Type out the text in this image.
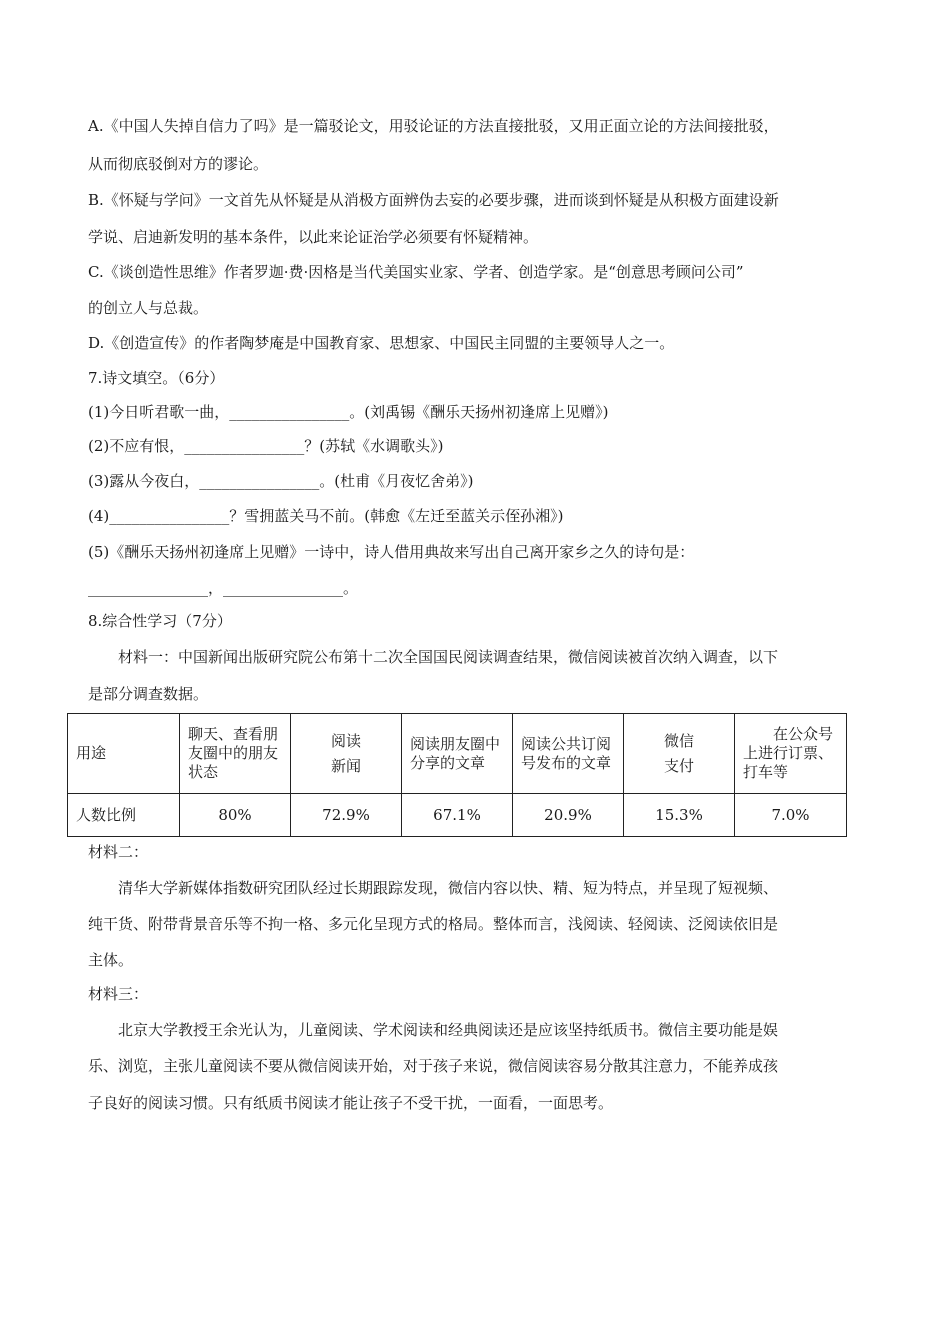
A.《中国人失掉自信力了吗》是一篇驳论文，用驳论证的方法直接批驳，又用正面立论的方法间接批驳，
从而彻底驳倒对方的谬论。
B.《怀疑与学问》一文首先从怀疑是从消极方面辨伪去妄的必要步骤，进而谈到怀疑是从积极方面建设新
学说、启迪新发明的基本条件，以此来论证治学必须要有怀疑精神。
C.《谈创造性思维》作者罗迦·费·因格是当代美国实业家、学者、创造学家。是“创意思考顾问公司”
的创立人与总裁。
D.《创造宣传》的作者陶梦庵是中国教育家、思想家、中国民主同盟的主要领导人之一。
7.诗文填空。（6分）
(1)今日听君歌一曲，________________。(刘禹锡《酬乐天扬州初逢席上见赠》)
(2)不应有恨，________________？(苏轼《水调歌头》)
(3)露从今夜白，________________。(杜甫《月夜忆舍弟》)
(4)________________？雪拥蓝关马不前。(韩愈《左迁至蓝关示侄孙湘》)
(5)《酬乐天扬州初逢席上见赠》一诗中，诗人借用典故来写出自己离开家乡之久的诗句是：
________________，________________。
8.综合性学习（7分）
材料一：中国新闻出版研究院公布第十二次全国国民阅读调查结果，微信阅读被首次纳入调查，以下
是部分调查数据。
用途	聊天、查看朋友圈中的朋友状态	阅读新闻	阅读朋友圈中分享的文章	阅读公共订阅号发布的文章	微信支付	在公众号上进行订票、打车等
人数比例	80%	72.9%	67.1%	20.9%	15.3%	7.0%
材料二：
清华大学新媒体指数研究团队经过长期跟踪发现，微信内容以快、精、短为特点，并呈现了短视频、
纯干货、附带背景音乐等不拘一格、多元化呈现方式的格局。整体而言，浅阅读、轻阅读、泛阅读依旧是
主体。
材料三：
北京大学教授王余光认为，儿童阅读、学术阅读和经典阅读还是应该坚持纸质书。微信主要功能是娱
乐、浏览，主张儿童阅读不要从微信阅读开始，对于孩子来说，微信阅读容易分散其注意力，不能养成孩
子良好的阅读习惯。只有纸质书阅读才能让孩子不受干扰，一面看，一面思考。
